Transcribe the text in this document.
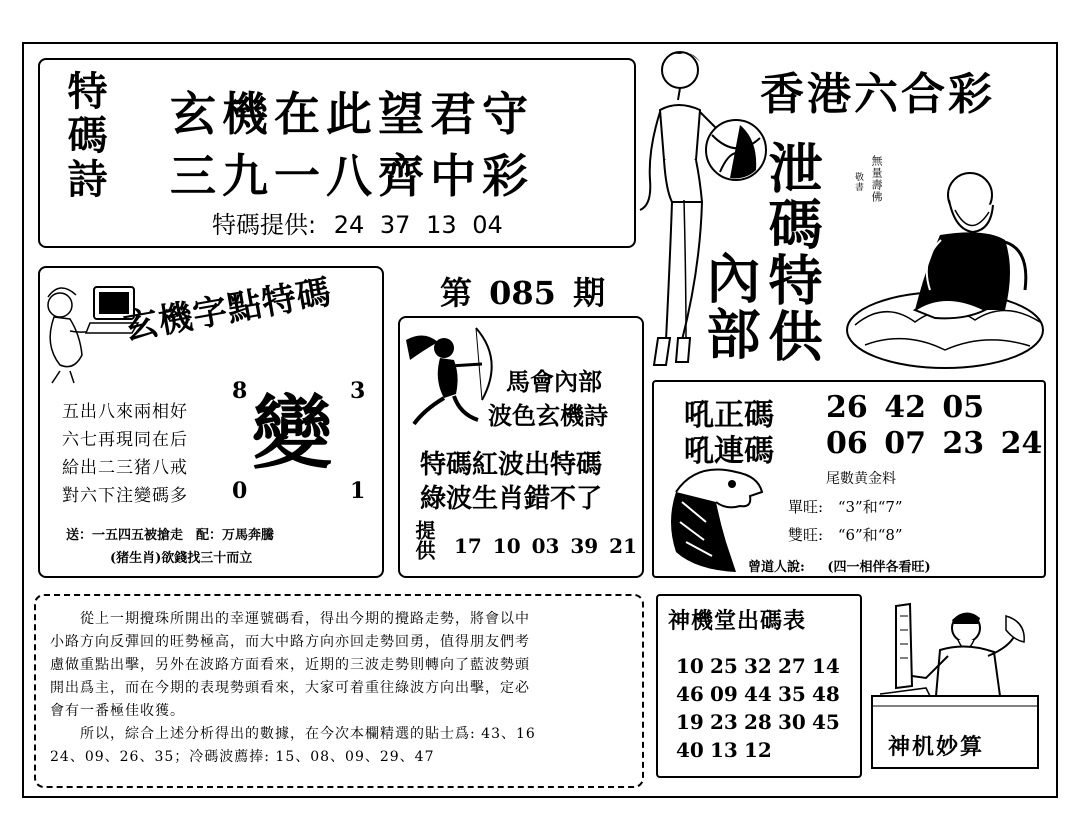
特碼詩 玄機在此望君守
三九一八齊中彩
特碼提供: 24 37 13 04
香港六合彩
泄碼特供
內部
無量壽佛
敬書
第 085 期
玄機字點特碼
8	3
0	1
變
五出八來兩相好
六七再現同在后
給出二三猪八戒
對六下注變碼多
送：一五四五被搶走　配：万馬奔騰
(猪生肖)欲錢找三十而立
馬會內部
波色玄機詩
特碼紅波出特碼
綠波生肖錯不了
提供 17 10 03 39 21
吼正碼 26 42 05
吼連碼 06 07 23 24
尾數黄金料
單旺: “3”和“7”
雙旺: “6”和“8”
曾道人說: (四一相伴各看旺)
　　從上一期攪珠所開出的幸運號碼看，得出今期的攪路走勢，將會以中
小路方向反彈回的旺勢極高，而大中路方向亦回走勢回勇，值得朋友們考
慮做重點出擊，另外在波路方面看來，近期的三波走勢則轉向了藍波勢頭
開出爲主，而在今期的表現勢頭看來，大家可着重往綠波方向出擊，定必
會有一番極佳收獲。
　　所以，綜合上述分析得出的數據，在今次本欄精選的貼士爲: 43、16
24、09、26、35；冷碼波薦捧: 15、08、09、29、47
神機堂出碼表
10 25 32 27 14
46 09 44 35 48
19 23 28 30 45
40 13 12	神机妙算
